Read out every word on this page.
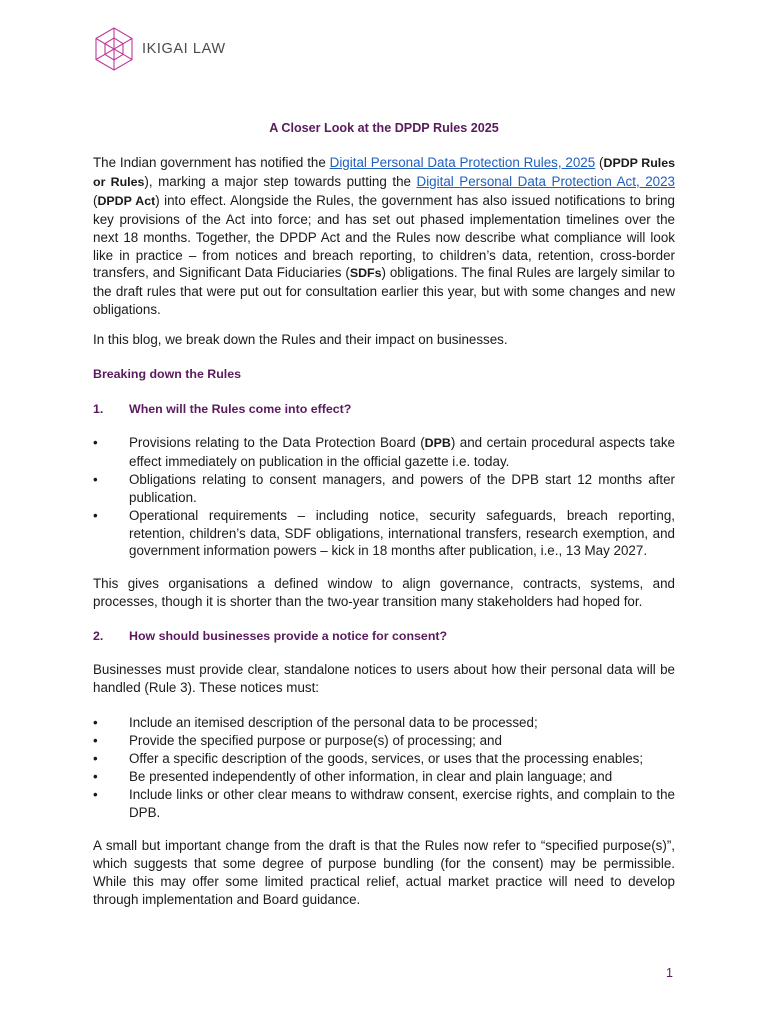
IKIGAI LAW
A Closer Look at the DPDP Rules 2025

The Indian government has notified the Digital Personal Data Protection Rules, 2025 (DPDP Rules or Rules), marking a major step towards putting the Digital Personal Data Protection Act, 2023 (DPDP Act) into effect. Alongside the Rules, the government has also issued notifications to bring key provisions of the Act into force; and has set out phased implementation timelines over the next 18 months. Together, the DPDP Act and the Rules now describe what compliance will look like in practice – from notices and breach reporting, to children’s data, retention, cross-border transfers, and Significant Data Fiduciaries (SDFs) obligations. The final Rules are largely similar to the draft rules that were put out for consultation earlier this year, but with some changes and new obligations.

In this blog, we break down the Rules and their impact on businesses.

Breaking down the Rules
1.	When will the Rules come into effect?
• Provisions relating to the Data Protection Board (DPB) and certain procedural aspects take effect immediately on publication in the official gazette i.e. today.
• Obligations relating to consent managers, and powers of the DPB start 12 months after publication.
• Operational requirements – including notice, security safeguards, breach reporting, retention, children’s data, SDF obligations, international transfers, research exemption, and government information powers – kick in 18 months after publication, i.e., 13 May 2027.

This gives organisations a defined window to align governance, contracts, systems, and processes, though it is shorter than the two-year transition many stakeholders had hoped for.

2.	How should businesses provide a notice for consent?

Businesses must provide clear, standalone notices to users about how their personal data will be handled (Rule 3). These notices must:

• Include an itemised description of the personal data to be processed;
• Provide the specified purpose or purpose(s) of processing; and
• Offer a specific description of the goods, services, or uses that the processing enables;
• Be presented independently of other information, in clear and plain language; and
• Include links or other clear means to withdraw consent, exercise rights, and complain to the DPB.

A small but important change from the draft is that the Rules now refer to “specified purpose(s)”, which suggests that some degree of purpose bundling (for the consent) may be permissible. While this may offer some limited practical relief, actual market practice will need to develop through implementation and Board guidance.

1
